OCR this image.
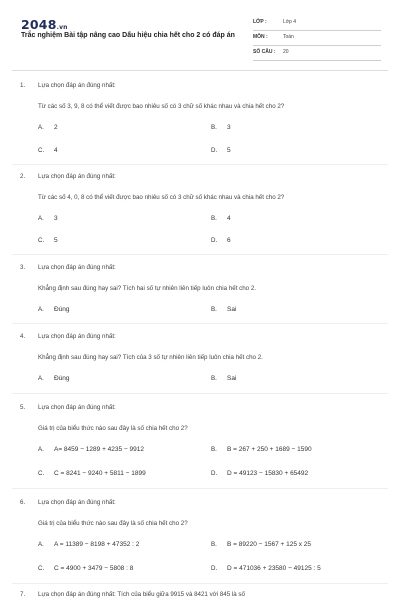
2048.vn
Trắc nghiệm Bài tập nâng cao Dấu hiệu chia hết cho 2 có đáp án
LỚP :	Lớp 4
MÔN :	Toán
SỐ CÂU : 20
1. Lựa chọn đáp án đúng nhất:
Từ các số 3, 9, 8 có thể viết được bao nhiêu số có 3 chữ số khác nhau và chia hết cho 2?
A. 2	B. 3
C. 4	D. 5
2. Lựa chọn đáp án đúng nhất:
Từ các số 4, 0, 8 có thể viết được bao nhiêu số có 3 chữ số khác nhau và chia hết cho 2?
A. 3	B. 4
C. 5	D. 6
3. Lựa chọn đáp án đúng nhất:
Khẳng định sau đúng hay sai? Tích hai số tự nhiên liên tiếp luôn chia hết cho 2.
A. Đúng	B. Sai
4. Lựa chọn đáp án đúng nhất:
Khẳng định sau đúng hay sai? Tích của 3 số tự nhiên liên tiếp luôn chia hết cho 2.
A. Đúng	B. Sai
5. Lựa chọn đáp án đúng nhất:
Giá trị của biểu thức nào sau đây là số chia hết cho 2?
A. A= 8459 − 1289 + 4235 − 9912	B. B = 267 + 250 + 1689 − 1590
C. C = 8241 − 9240 + 5811 − 1899	D. D = 49123 − 15830 + 65492
6. Lựa chọn đáp án đúng nhất:
Giá trị của biểu thức nào sau đây là số chia hết cho 2?
A. A = 11389 − 8198 + 47352 : 2	B. B = 89220 − 1567 + 125 x 25
C. C = 4900 + 3479 − 5808 : 8	D. D = 471036 + 23580 − 49125 : 5
7. Lựa chọn đáp án đúng nhất: Tích của biểu giữa 9915 và 8421 với 845 là số
